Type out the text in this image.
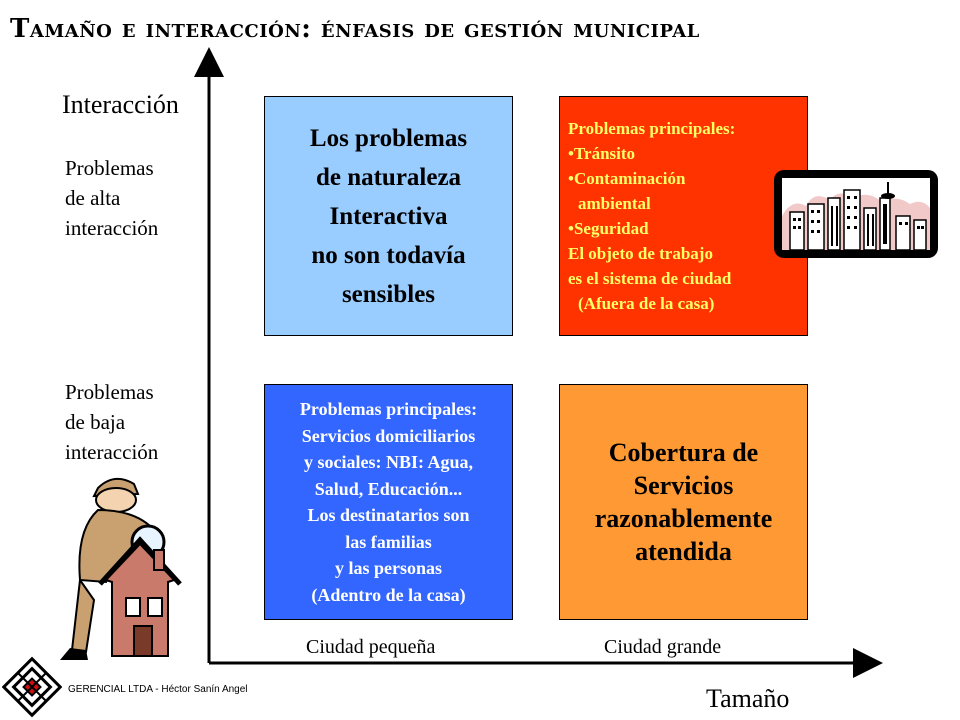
Tamaño e interacción: énfasis de gestión municipal
Interacción
Tamaño
Problemas
de alta
interacción
Problemas
de baja
interacción
Los problemas
de naturaleza
Interactiva
no son todavía
sensibles
Problemas principales:
•Tránsito
•Contaminación
ambiental
•Seguridad
El objeto de trabajo
es el sistema de ciudad
(Afuera de la casa)
Problemas principales:
Servicios domiciliarios
y sociales: NBI: Agua,
Salud, Educación...
Los destinatarios son
las familias
y las personas
(Adentro de la casa)
Cobertura de
Servicios
razonablemente
atendida
Ciudad pequeña	Ciudad grande
GERENCIAL LTDA - Héctor Sanín Angel
